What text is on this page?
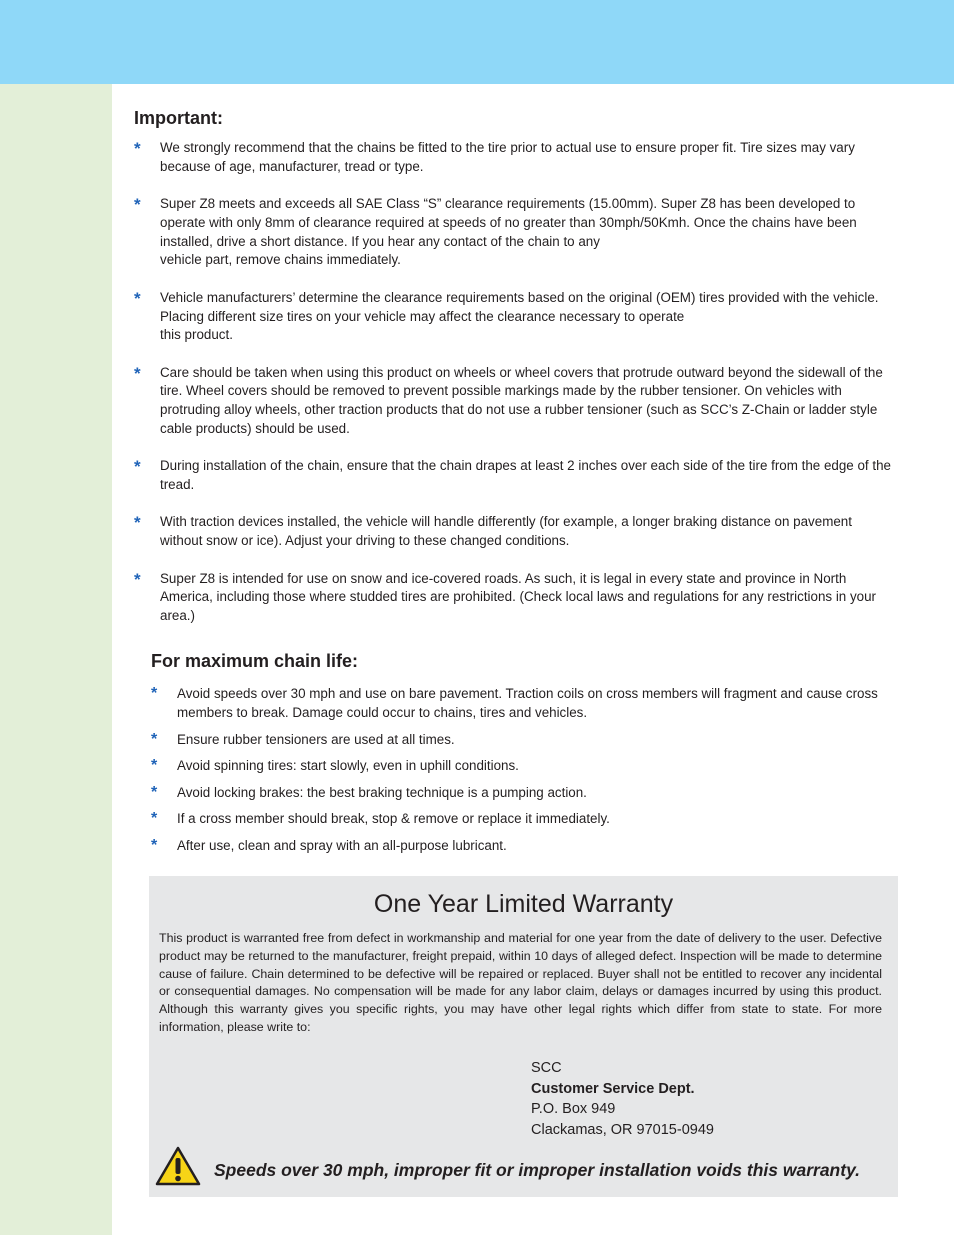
Important:
* We strongly recommend that the chains be fitted to the tire prior to actual use to ensure proper fit. Tire sizes may vary because of age, manufacturer, tread or type.
* Super Z8 meets and exceeds all SAE Class “S” clearance requirements (15.00mm). Super Z8 has been developed to operate with only 8mm of clearance required at speeds of no greater than 30mph/50Kmh. Once the chains have been installed, drive a short distance. If you hear any contact of the chain to any
vehicle part, remove chains immediately.
* Vehicle manufacturers’ determine the clearance requirements based on the original (OEM) tires provided with the vehicle. Placing different size tires on your vehicle may affect the clearance necessary to operate
this product.
* Care should be taken when using this product on wheels or wheel covers that protrude outward beyond the sidewall of the tire. Wheel covers should be removed to prevent possible markings made by the rubber tensioner. On vehicles with protruding alloy wheels, other traction products that do not use a rubber tensioner (such as SCC’s Z-Chain or ladder style cable products) should be used.
* During installation of the chain, ensure that the chain drapes at least 2 inches over each side of the tire from the edge of the tread.
* With traction devices installed, the vehicle will handle differently (for example, a longer braking distance on pavement without snow or ice). Adjust your driving to these changed conditions.
* Super Z8 is intended for use on snow and ice-covered roads. As such, it is legal in every state and province in North America, including those where studded tires are prohibited. (Check local laws and regulations for any restrictions in your area.)
For maximum chain life:
* Avoid speeds over 30 mph and use on bare pavement. Traction coils on cross members will fragment and cause cross members to break. Damage could occur to chains, tires and vehicles.
* Ensure rubber tensioners are used at all times.
* Avoid spinning tires: start slowly, even in uphill conditions.
* Avoid locking brakes: the best braking technique is a pumping action.
* If a cross member should break, stop & remove or replace it immediately.
* After use, clean and spray with an all-purpose lubricant.
One Year Limited Warranty

This product is warranted free from defect in workmanship and material for one year from the date of delivery to the user. Defective product may be returned to the manufacturer, freight prepaid, within 10 days of alleged defect. Inspection will be made to determine cause of failure. Chain determined to be defective will be repaired or replaced. Buyer shall not be entitled to recover any incidental or consequential damages. No compensation will be made for any labor claim, delays or damages incurred by using this product. Although this warranty gives you specific rights, you may have other legal rights which differ from state to state. For more information, please write to:

SCC
Customer Service Dept.
P.O. Box 949
Clackamas, OR 97015-0949

Speeds over 30 mph, improper fit or improper installation voids this warranty.
